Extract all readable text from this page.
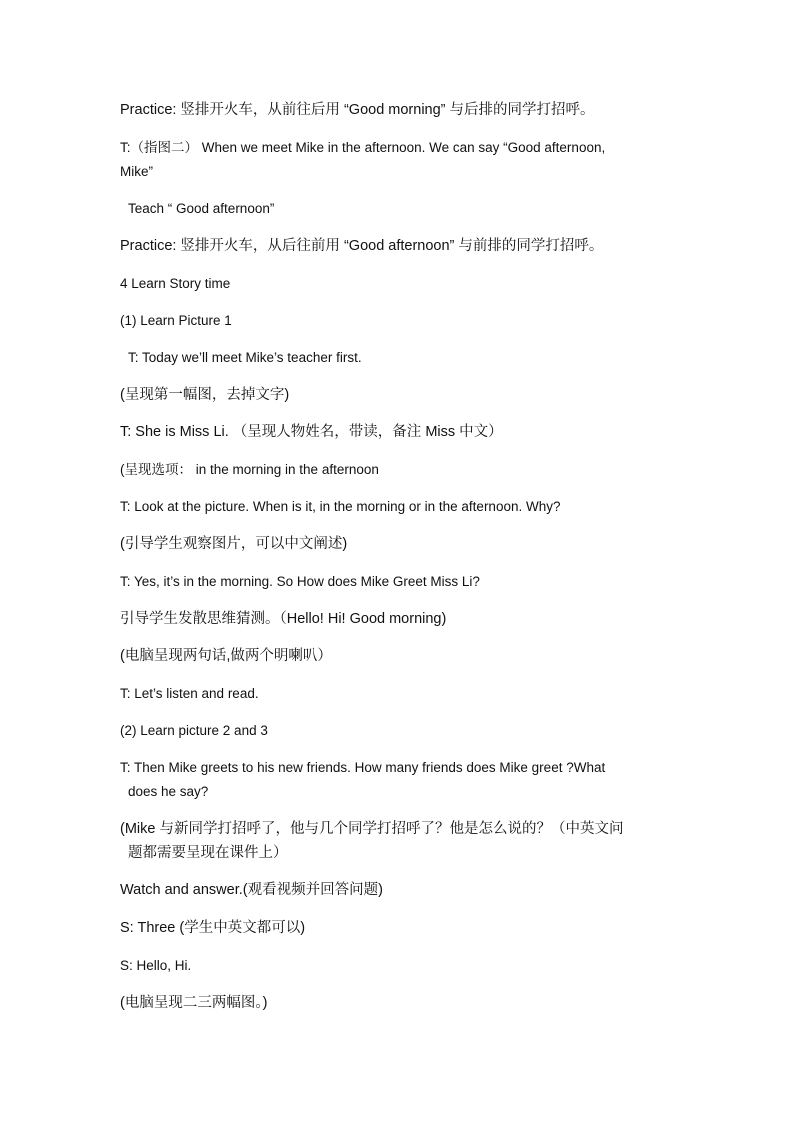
Practice: 竖排开火车，从前往后用 “Good morning” 与后排的同学打招呼。
T:（指图二） When we meet Mike in the afternoon. We can say “Good afternoon,
Mike”
Teach “ Good afternoon”
Practice: 竖排开火车，从后往前用 “Good afternoon” 与前排的同学打招呼。
4 Learn Story time
(1) Learn Picture 1
T: Today we’ll meet Mike’s teacher first.
(呈现第一幅图，去掉文字)
T: She is Miss Li. （呈现人物姓名，带读，备注 Miss 中文）
(呈现选项： in the morning in the afternoon
T: Look at the picture. When is it, in the morning or in the afternoon. Why?
(引导学生观察图片，可以中文阐述)
T: Yes, it’s in the morning. So How does Mike Greet Miss Li?
引导学生发散思维猜测。（Hello! Hi! Good morning)
(电脑呈现两句话,做两个明喇叭）
T: Let’s listen and read.
(2) Learn picture 2 and 3
T: Then Mike greets to his new friends. How many friends does Mike greet ?What
does he say?
(Mike 与新同学打招呼了，他与几个同学打招呼了？他是怎么说的？（中英文问
题都需要呈现在课件上）
Watch and answer.(观看视频并回答问题)
S: Three (学生中英文都可以)
S: Hello, Hi.
(电脑呈现二三两幅图。)
